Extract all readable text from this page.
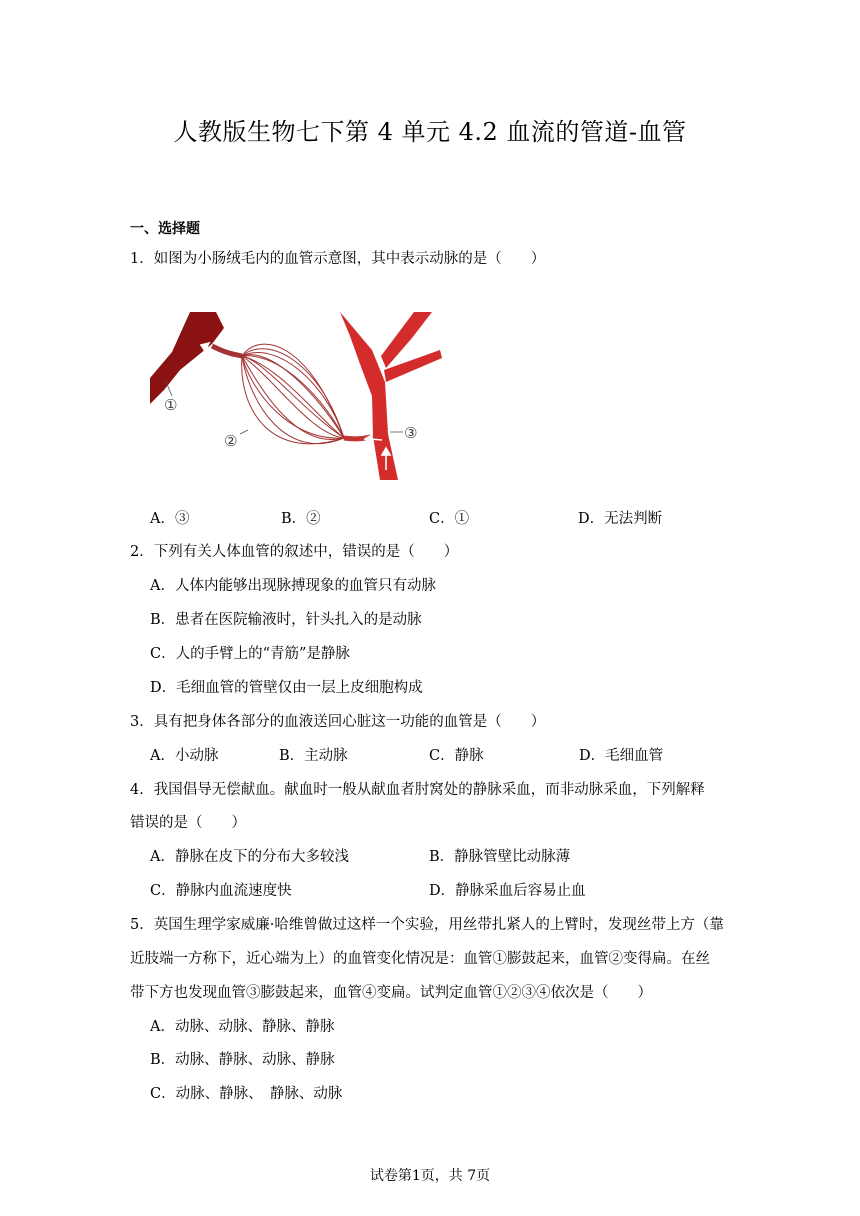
人教版生物七下第 4 单元 4.2 血流的管道-血管
一、选择题
1．如图为小肠绒毛内的血管示意图，其中表示动脉的是（　　）
①
②	③
A．③	B．②	C．①	D．无法判断
2．下列有关人体血管的叙述中，错误的是（　　）
A．人体内能够出现脉搏现象的血管只有动脉
B．患者在医院输液时，针头扎入的是动脉
C．人的手臂上的“青筋”是静脉
D．毛细血管的管壁仅由一层上皮细胞构成
3．具有把身体各部分的血液送回心脏这一功能的血管是（　　）
A．小动脉	B．主动脉	C．静脉	D．毛细血管
4．我国倡导无偿献血。献血时一般从献血者肘窝处的静脉采血，而非动脉采血，下列解释
错误的是（　　）
A．静脉在皮下的分布大多较浅	B．静脉管壁比动脉薄
C．静脉内血流速度快	D．静脉采血后容易止血
5．英国生理学家威廉·哈维曾做过这样一个实验，用丝带扎紧人的上臂时，发现丝带上方（靠
近肢端一方称下，近心端为上）的血管变化情况是：血管①膨鼓起来，血管②变得扁。在丝
带下方也发现血管③膨鼓起来，血管④变扁。试判定血管①②③④依次是（　　）
A．动脉、动脉、静脉、静脉
B．动脉、静脉、动脉、静脉
C．动脉、静脉、　静脉、动脉
试卷第1页，共 7页
